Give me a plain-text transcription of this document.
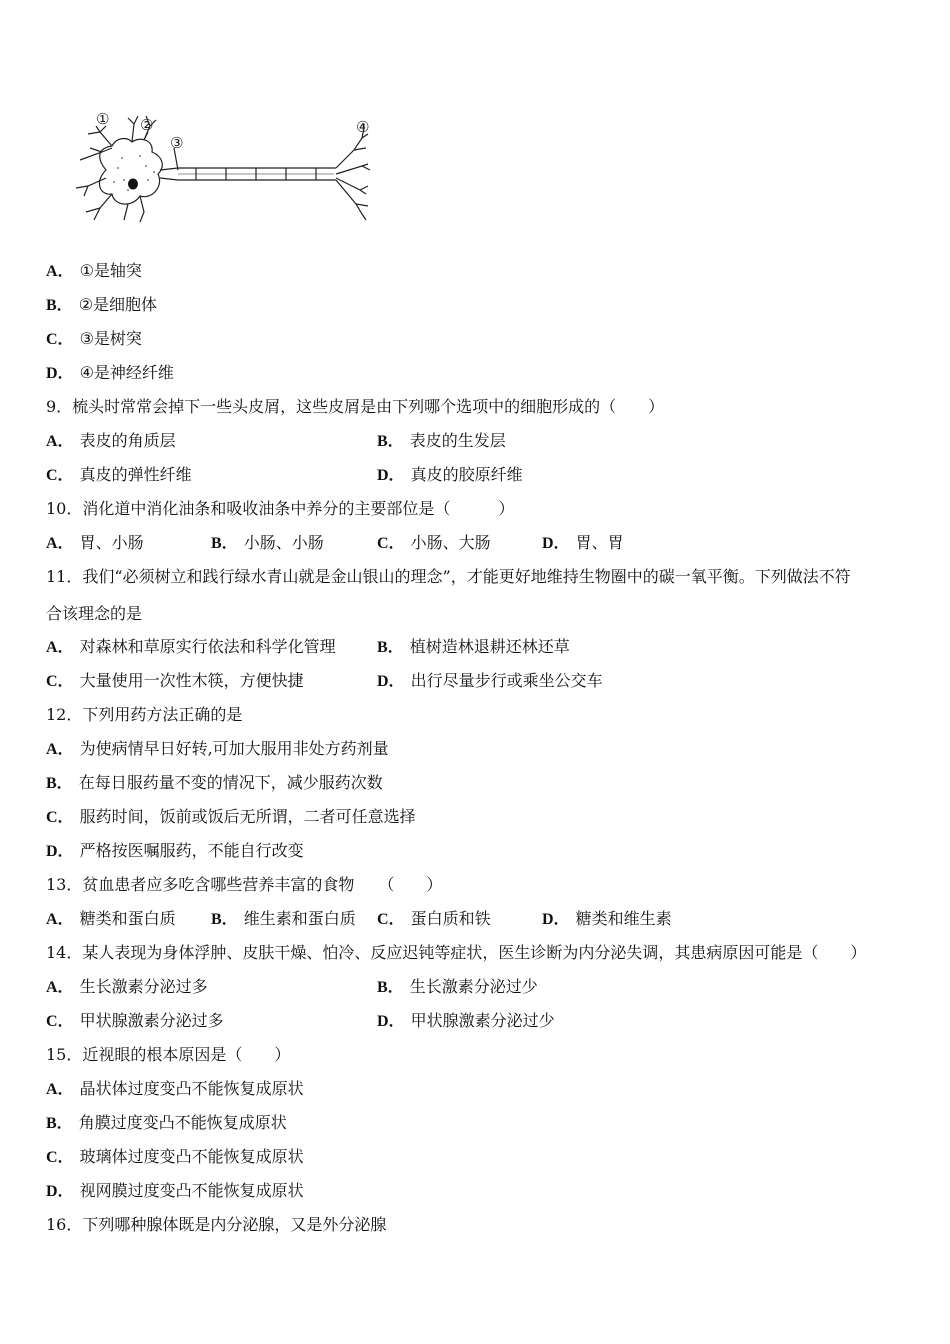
① ②
③
④
A． ①是轴突
B． ②是细胞体
C． ③是树突
D． ④是神经纤维
9．梳头时常常会掉下一些头皮屑，这些皮屑是由下列哪个选项中的细胞形成的（　　）
A． 表皮的角质层	B． 表皮的生发层
C． 真皮的弹性纤维	D． 真皮的胶原纤维
10．消化道中消化油条和吸收油条中养分的主要部位是（　　　）
A． 胃、小肠	B． 小肠、小肠	C． 小肠、大肠	D． 胃、胃
11．我们“必须树立和践行绿水青山就是金山银山的理念”，才能更好地维持生物圈中的碳一氧平衡。下列做法不符
合该理念的是
A． 对森林和草原实行依法和科学化管理	B． 植树造林退耕还林还草
C． 大量使用一次性木筷，方便快捷	D． 出行尽量步行或乘坐公交车
12．下列用药方法正确的是
A． 为使病情早日好转,可加大服用非处方药剂量
B． 在每日服药量不变的情况下，减少服药次数
C． 服药时间，饭前或饭后无所谓，二者可任意选择
D． 严格按医嘱服药，不能自行改变
13．贫血患者应多吃含哪些营养丰富的食物　　（　　）
A． 糖类和蛋白质 B． 维生素和蛋白质 C． 蛋白质和铁	D． 糖类和维生素
14．某人表现为身体浮肿、皮肤干燥、怕冷、反应迟钝等症状，医生诊断为内分泌失调，其患病原因可能是（　　）
A． 生长激素分泌过多	B． 生长激素分泌过少
C． 甲状腺激素分泌过多	D． 甲状腺激素分泌过少
15．近视眼的根本原因是（　　）
A． 晶状体过度变凸不能恢复成原状
B． 角膜过度变凸不能恢复成原状
C． 玻璃体过度变凸不能恢复成原状
D． 视网膜过度变凸不能恢复成原状
16．下列哪种腺体既是内分泌腺，又是外分泌腺
